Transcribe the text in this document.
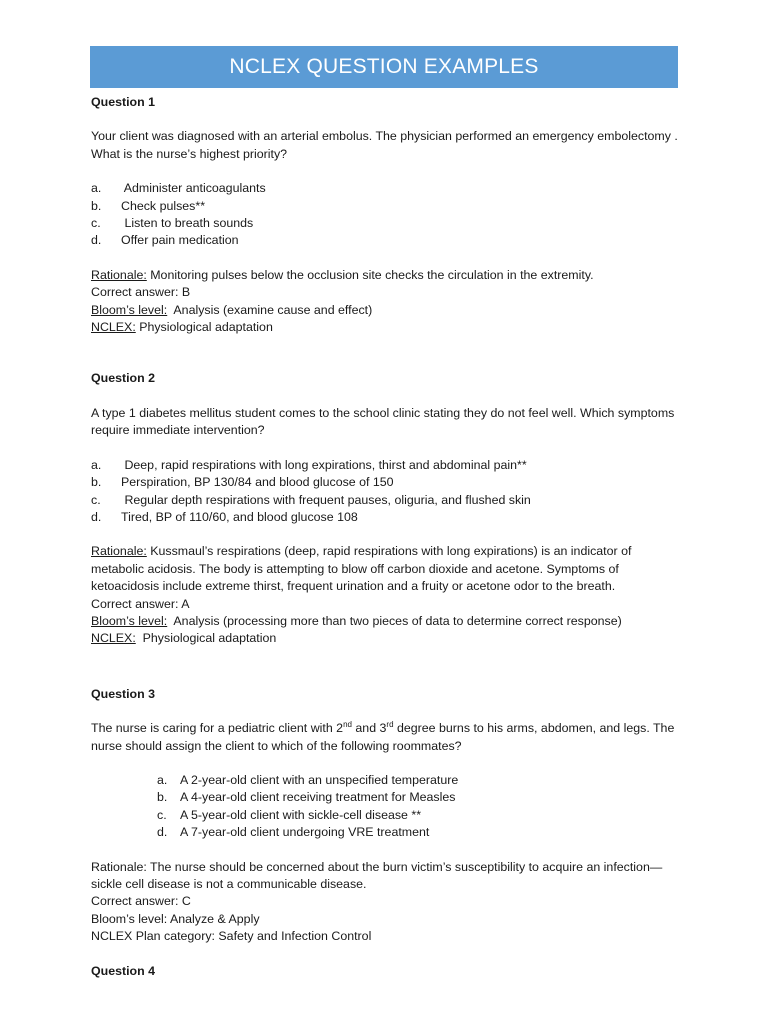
NCLEX QUESTION EXAMPLES

Question 1

Your client was diagnosed with an arterial embolus. The physician performed an emergency embolectomy . What is the nurse’s highest priority?

a.	Administer anticoagulants
b.	Check pulses**
c.	Listen to breath sounds
d.	Offer pain medication

Rationale: Monitoring pulses below the occlusion site checks the circulation in the extremity.

Correct answer: B

Bloom’s level:  Analysis (examine cause and effect)

NCLEX: Physiological adaptation

Question 2

A type 1 diabetes mellitus student comes to the school clinic stating they do not feel well. Which symptoms require immediate intervention?

a.	Deep, rapid respirations with long expirations, thirst and abdominal pain**
b.	Perspiration, BP 130/84 and blood glucose of 150
c.	Regular depth respirations with frequent pauses, oliguria, and flushed skin
d.	Tired, BP of 110/60, and blood glucose 108

Rationale: Kussmaul’s respirations (deep, rapid respirations with long expirations) is an indicator of metabolic acidosis. The body is attempting to blow off carbon dioxide and acetone. Symptoms of ketoacidosis include extreme thirst, frequent urination and a fruity or acetone odor to the breath.

Correct answer: A

Bloom’s level:  Analysis (processing more than two pieces of data to determine correct response)

NCLEX:  Physiological adaptation

Question 3

The nurse is caring for a pediatric client with 2nd and 3rd degree burns to his arms, abdomen, and legs. The nurse should assign the client to which of the following roommates?

a.	A 2-year-old client with an unspecified temperature
b.	A 4-year-old client receiving treatment for Measles
c.	A 5-year-old client with sickle-cell disease **
d.	A 7-year-old client undergoing VRE treatment

Rationale: The nurse should be concerned about the burn victim’s susceptibility to acquire an infection—sickle cell disease is not a communicable disease.

Correct answer: C

Bloom’s level: Analyze & Apply

NCLEX Plan category: Safety and Infection Control

Question 4
